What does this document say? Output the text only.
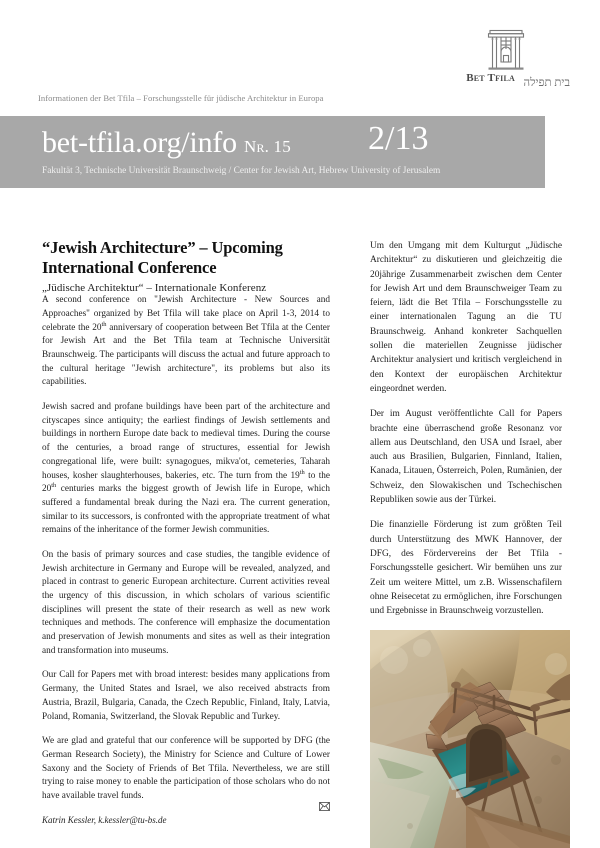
Bet Tfila בית תפילה
Informationen der Bet Tfila – Forschungsstelle für jüdische Architektur in Europa
bet-tfila.org/info Nr. 15 2/13
Fakultät 3, Technische Universität Braunschweig / Center for Jewish Art, Hebrew University of Jerusalem
“Jewish Architecture” – Upcoming International Conference

„Jüdische Architektur“ – Internationale Konferenz

A second conference on "Jewish Architecture - New Sources and Approaches" organized by Bet Tfila will take place on April 1-3, 2014 to celebrate the 20th anniversary of cooperation between Bet Tfila at the Center for Jewish Art and the Bet Tfila team at Technische Universität Braunschweig. The participants will discuss the actual and future approach to the cultural heritage "Jewish architecture", its problems but also its capabilities.

Jewish sacred and profane buildings have been part of the architecture and cityscapes since antiquity; the earliest findings of Jewish settlements and buildings in northern Europe date back to medieval times. During the course of the centuries, a broad range of structures, essential for Jewish congregational life, were built: synagogues, mikva'ot, cemeteries, Taharah houses, kosher slaughterhouses, bakeries, etc. The turn from the 19th to the 20th centuries marks the biggest growth of Jewish life in Europe, which suffered a fundamental break during the Nazi era. The current generation, similar to its successors, is confronted with the appropriate treatment of what remains of the inheritance of the former Jewish communities.

On the basis of primary sources and case studies, the tangible evidence of Jewish architecture in Germany and Europe will be revealed, analyzed, and placed in contrast to generic European architecture. Current activities reveal the urgency of this discussion, in which scholars of various scientific disciplines will present the state of their research as well as new work techniques and methods. The conference will emphasize the documentation and preservation of Jewish monuments and sites as well as their integration and transformation into museums.

Our Call for Papers met with broad interest: besides many applications from Germany, the United States and Israel, we also received abstracts from Austria, Brazil, Bulgaria, Canada, the Czech Republic, Finland, Italy, Latvia, Poland, Romania, Switzerland, the Slovak Republic and Turkey.

We are glad and grateful that our conference will be supported by DFG (the German Research Society), the Ministry for Science and Culture of Lower Saxony and the Society of Friends of Bet Tfila. Nevertheless, we are still trying to raise money to enable the participation of those scholars who do not have available travel funds.

Katrin Kessler, k.kessler@tu-bs.de

Um den Umgang mit dem Kulturgut „Jüdische Architektur“ zu diskutieren und gleichzeitig die 20jährige Zusammenarbeit zwischen dem Center for Jewish Art und dem Braunschweiger Team zu feiern, lädt die Bet Tfila – Forschungsstelle zu einer internationalen Tagung an die TU Braunschweig. Anhand konkreter Sachquellen sollen die materiellen Zeugnisse jüdischer Architektur analysiert und kritisch vergleichend in den Kontext der europäischen Architektur eingeordnet werden.

Der im August veröffentlichte Call for Papers brachte eine überraschend große Resonanz vor allem aus Deutschland, den USA und Israel, aber auch aus Brasilien, Bulgarien, Finnland, Italien, Kanada, Litauen, Österreich, Polen, Rumänien, der Schweiz, den Slowakischen und Tschechischen Republiken sowie aus der Türkei.

Die finanzielle Förderung ist zum größten Teil durch Unterstützung des MWK Hannover, der DFG, des Fördervereins der Bet Tfila - Forschungsstelle gesichert. Wir bemühen uns zur Zeit um weitere Mittel, um z.B. Wissenschafilern ohne Reisecetat zu ermöglichen, ihre Forschungen und Ergebnisse in Braunschweig vorzustellen.
